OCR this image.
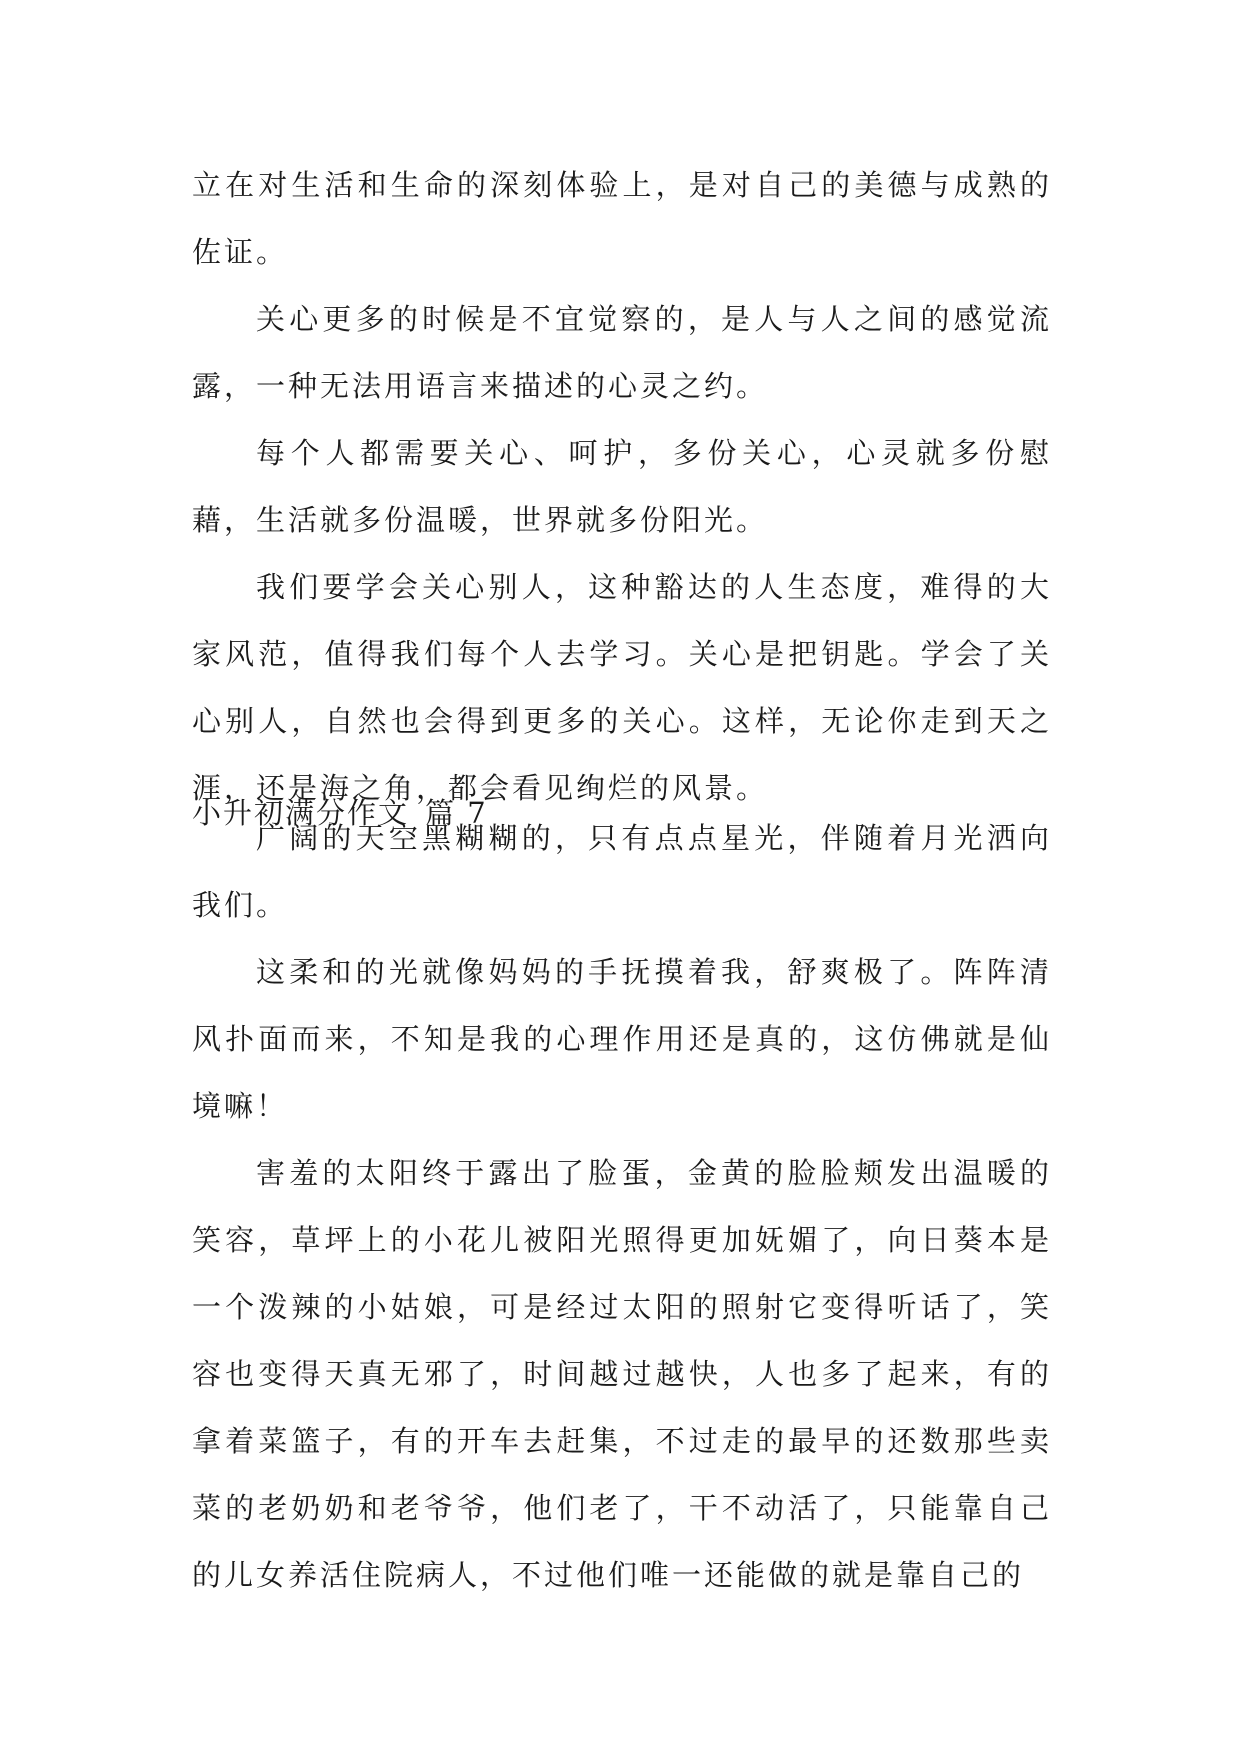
立在对生活和生命的深刻体验上，是对自己的美德与成熟的佐证。

关心更多的时候是不宜觉察的，是人与人之间的感觉流露，一种无法用语言来描述的心灵之约。

每个人都需要关心、呵护，多份关心，心灵就多份慰藉，生活就多份温暖，世界就多份阳光。

我们要学会关心别人，这种豁达的人生态度，难得的大家风范，值得我们每个人去学习。关心是把钥匙。学会了关心别人，自然也会得到更多的关心。这样，无论你走到天之涯，还是海之角，都会看见绚烂的风景。

小升初满分作文 篇 7

广阔的天空黑糊糊的，只有点点星光，伴随着月光洒向我们。

这柔和的光就像妈妈的手抚摸着我，舒爽极了。阵阵清风扑面而来，不知是我的心理作用还是真的，这仿佛就是仙境嘛！

害羞的太阳终于露出了脸蛋，金黄的脸脸颊发出温暖的笑容，草坪上的小花儿被阳光照得更加妩媚了，向日葵本是一个泼辣的小姑娘，可是经过太阳的照射它变得听话了，笑容也变得天真无邪了，时间越过越快，人也多了起来，有的拿着菜篮子，有的开车去赶集，不过走的最早的还数那些卖菜的老奶奶和老爷爷，他们老了，干不动活了，只能靠自己的儿女养活住院病人，不过他们唯一还能做的就是靠自己的
